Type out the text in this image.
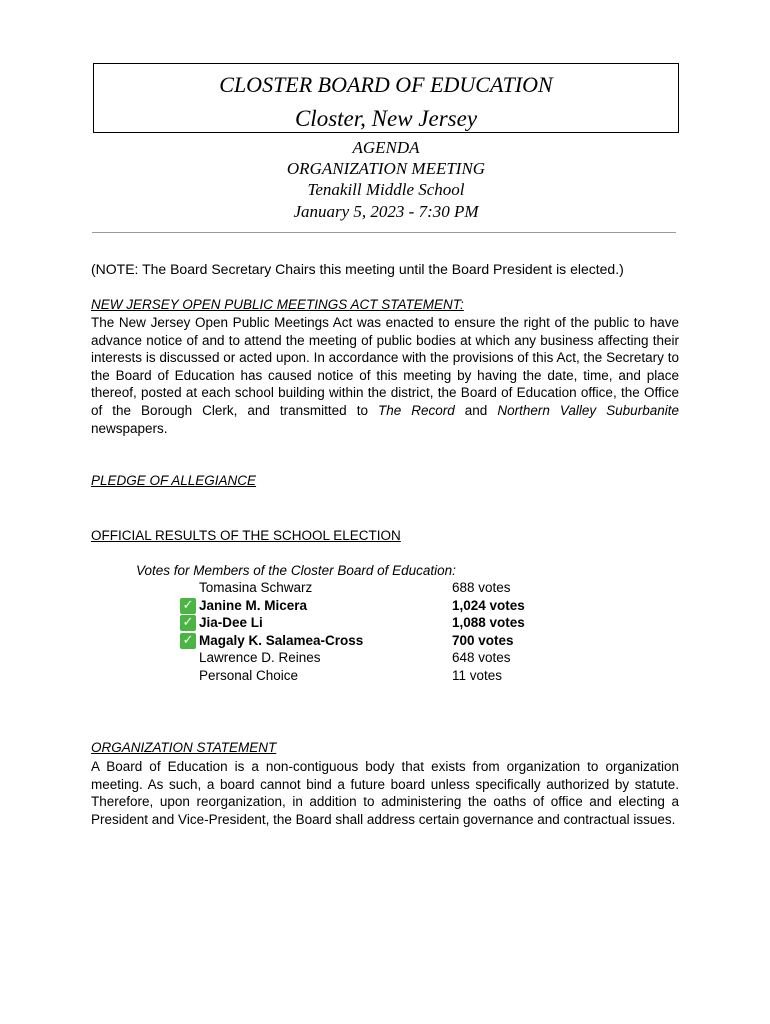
CLOSTER BOARD OF EDUCATION
Closter, New Jersey
AGENDA
ORGANIZATION MEETING
Tenakill Middle School
January 5, 2023 - 7:30 PM
(NOTE: The Board Secretary Chairs this meeting until the Board President is elected.)
NEW JERSEY OPEN PUBLIC MEETINGS ACT STATEMENT:
The New Jersey Open Public Meetings Act was enacted to ensure the right of the public to have advance notice of and to attend the meeting of public bodies at which any business affecting their interests is discussed or acted upon. In accordance with the provisions of this Act, the Secretary to the Board of Education has caused notice of this meeting by having the date, time, and place thereof, posted at each school building within the district, the Board of Education office, the Office of the Borough Clerk, and transmitted to The Record and Northern Valley Suburbanite newspapers.
PLEDGE OF ALLEGIANCE
OFFICIAL RESULTS OF THE SCHOOL ELECTION
Votes for Members of the Closter Board of Education:
Tomasina Schwarz	688 votes
✓ Janine M. Micera	1,024 votes
✓ Jia-Dee Li	1,088 votes
✓ Magaly K. Salamea-Cross	700 votes
Lawrence D. Reines	648 votes
Personal Choice	11 votes
ORGANIZATION STATEMENT
A Board of Education is a non-contiguous body that exists from organization to organization meeting. As such, a board cannot bind a future board unless specifically authorized by statute. Therefore, upon reorganization, in addition to administering the oaths of office and electing a President and Vice-President, the Board shall address certain governance and contractual issues.
